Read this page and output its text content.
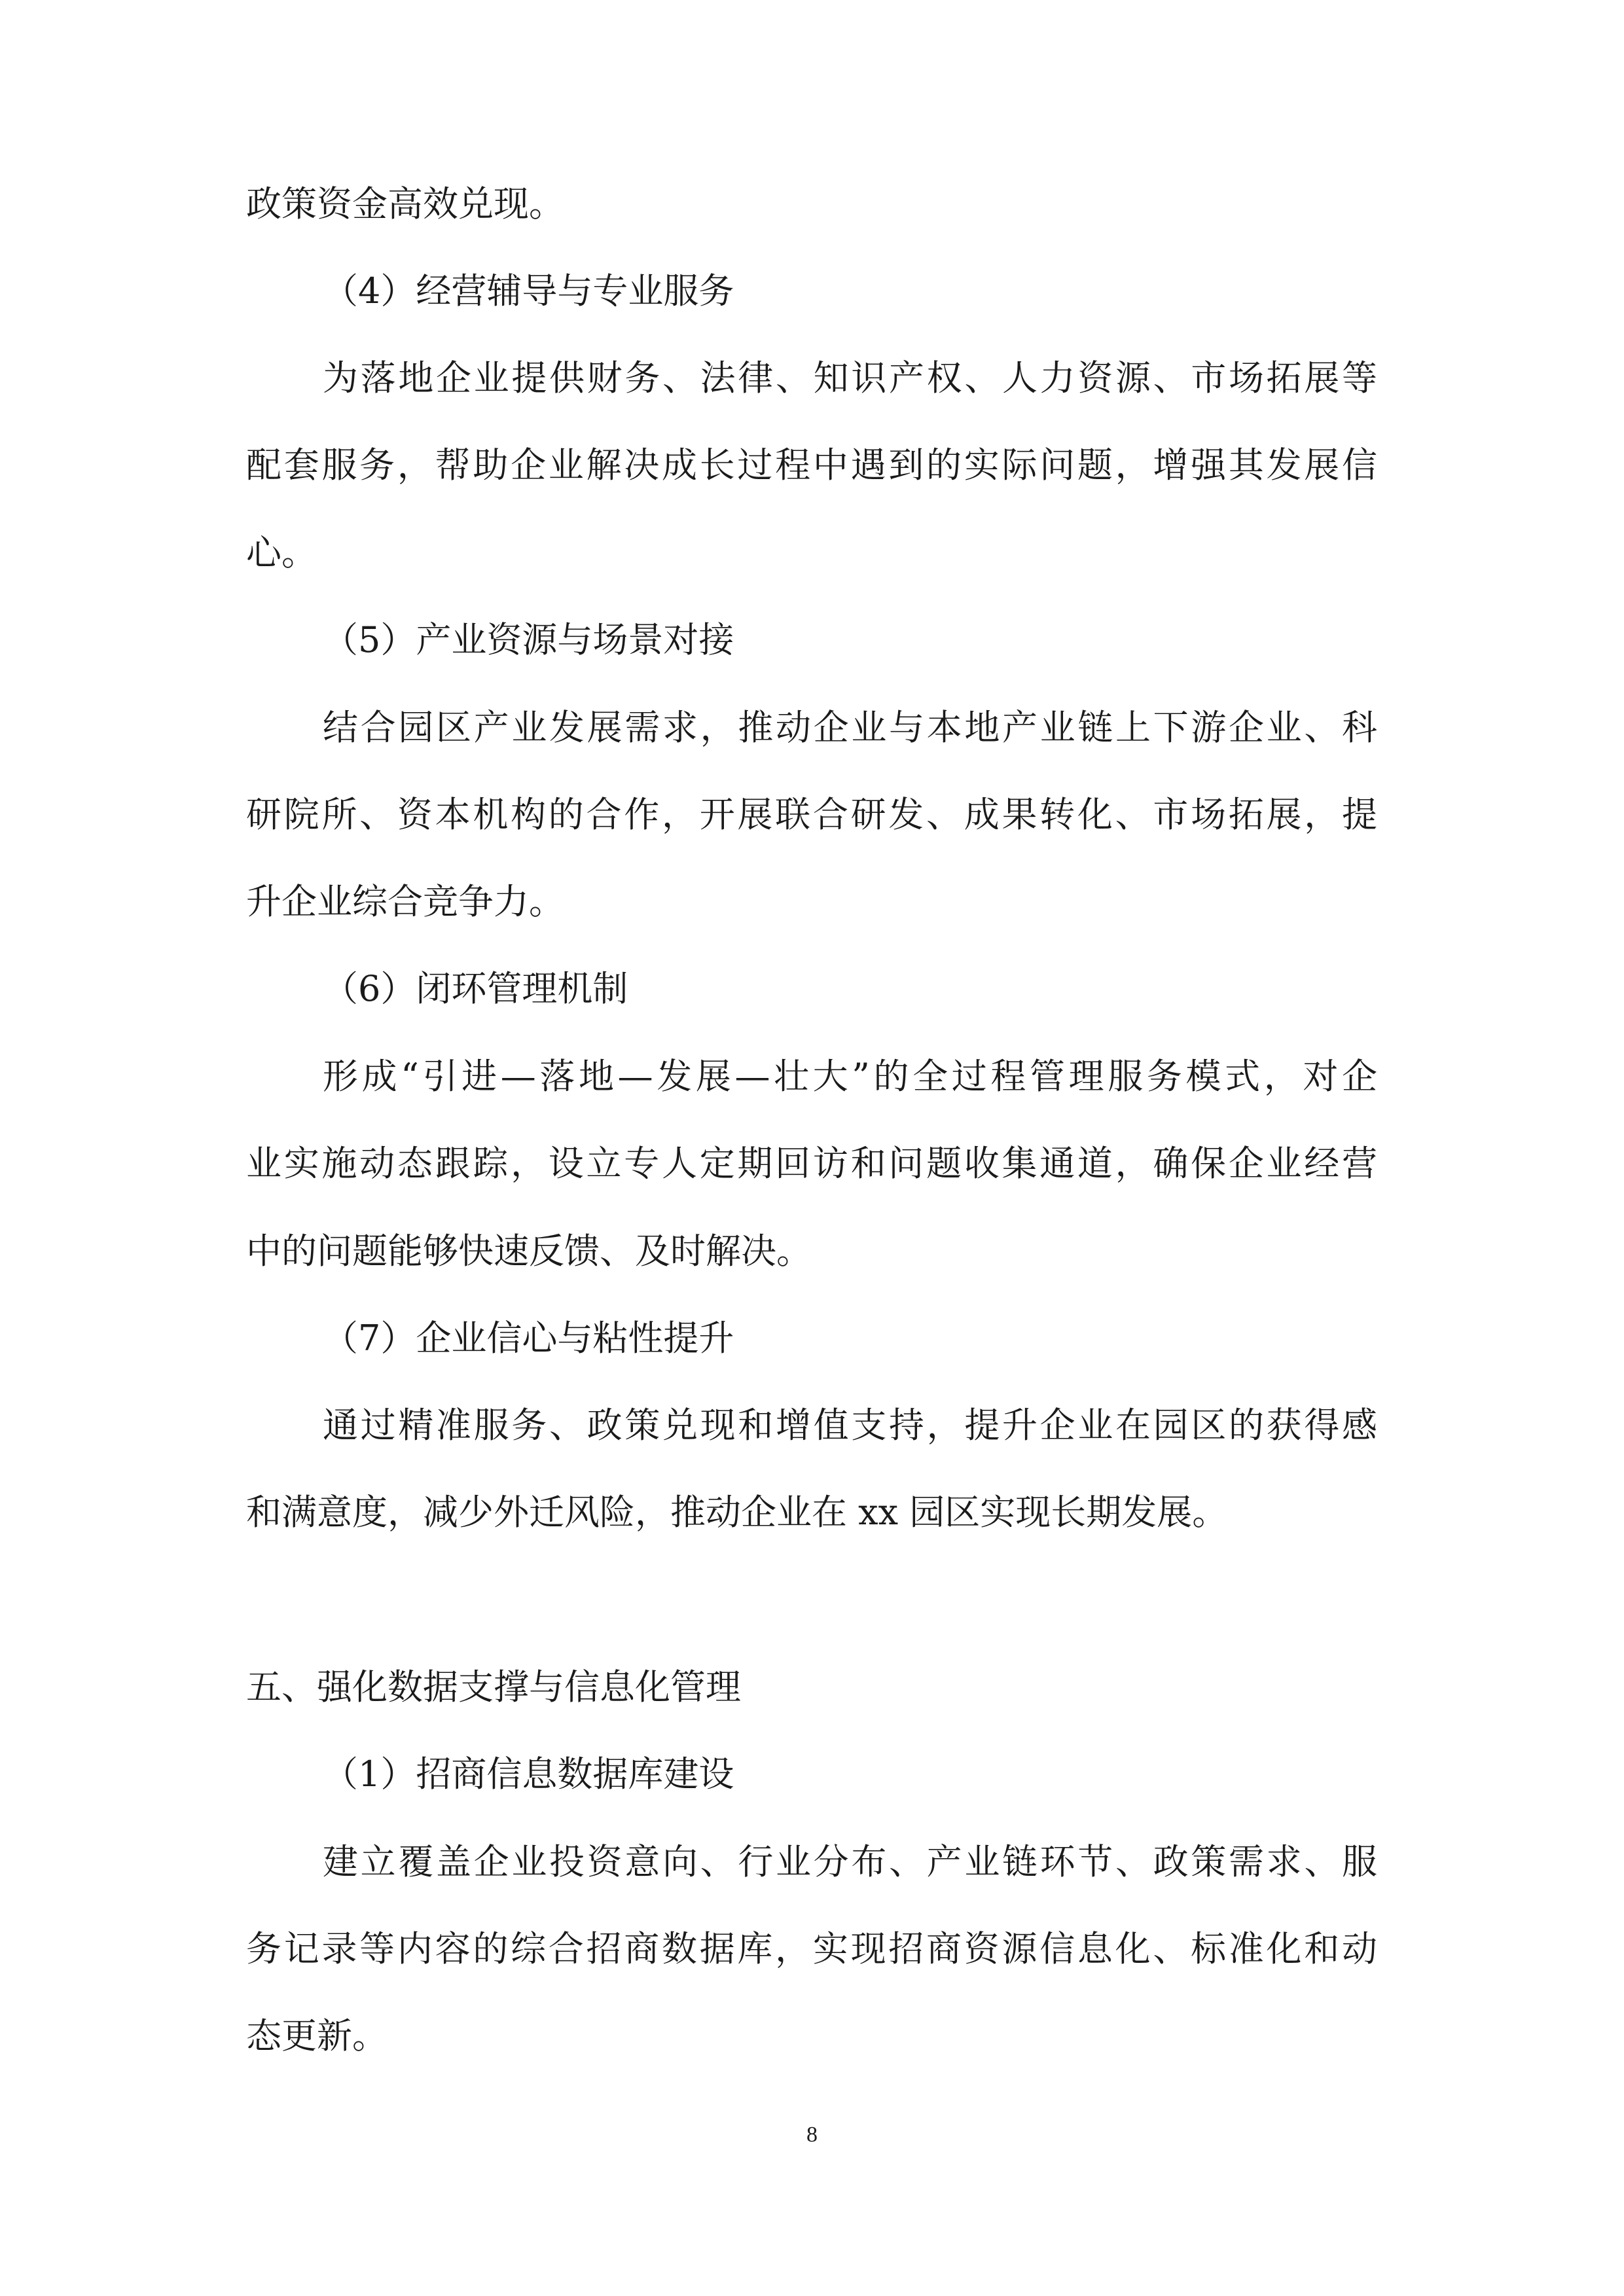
政策资金高效兑现。
（4）经营辅导与专业服务
为落地企业提供财务、法律、知识产权、人力资源、市场拓展等
配套服务，帮助企业解决成长过程中遇到的实际问题，增强其发展信
心。
（5）产业资源与场景对接
结合园区产业发展需求，推动企业与本地产业链上下游企业、科
研院所、资本机构的合作，开展联合研发、成果转化、市场拓展，提
升企业综合竞争力。
（6）闭环管理机制
形成“引进—落地—发展—壮大”的全过程管理服务模式，对企
业实施动态跟踪，设立专人定期回访和问题收集通道，确保企业经营
中的问题能够快速反馈、及时解决。
（7）企业信心与粘性提升
通过精准服务、政策兑现和增值支持，提升企业在园区的获得感
和满意度，减少外迁风险，推动企业在 xx 园区实现长期发展。
五、强化数据支撑与信息化管理
（1）招商信息数据库建设
建立覆盖企业投资意向、行业分布、产业链环节、政策需求、服
务记录等内容的综合招商数据库，实现招商资源信息化、标准化和动
态更新。
8
